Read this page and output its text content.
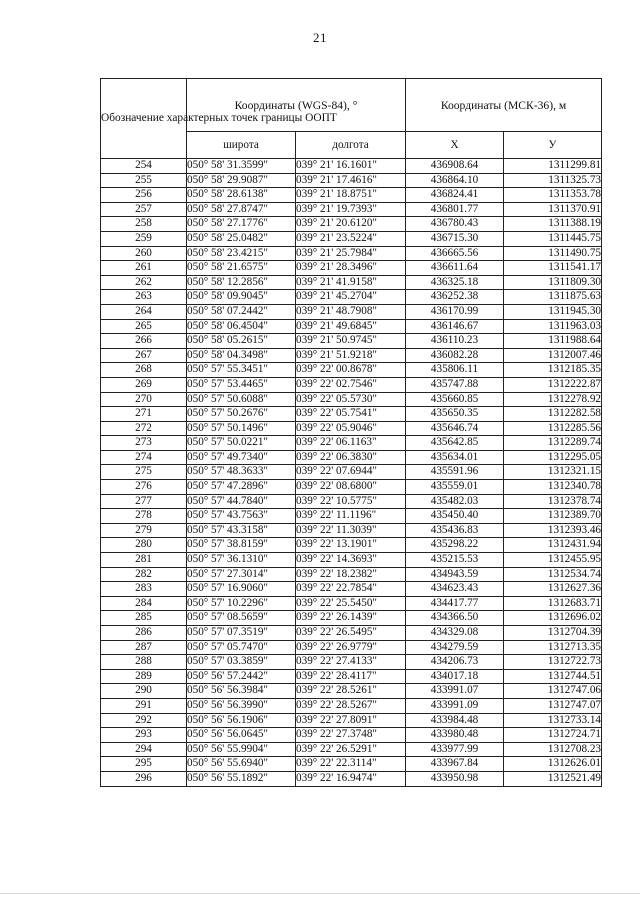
21
Обозначение характерных точек границы ООПТ	Координаты (WGS-84), °		Координаты (МСК-36), м	
	широта	долгота	X	У
254	050° 58' 31.3599"	039° 21' 16.1601"	436908.64	1311299.81
255	050° 58' 29.9087"	039° 21' 17.4616"	436864.10	1311325.73
256	050° 58' 28.6138"	039° 21' 18.8751"	436824.41	1311353.78
257	050° 58' 27.8747"	039° 21' 19.7393"	436801.77	1311370.91
258	050° 58' 27.1776"	039° 21' 20.6120"	436780.43	1311388.19
259	050° 58' 25.0482"	039° 21' 23.5224"	436715.30	1311445.75
260	050° 58' 23.4215"	039° 21' 25.7984"	436665.56	1311490.75
261	050° 58' 21.6575"	039° 21' 28.3496"	436611.64	1311541.17
262	050° 58' 12.2856"	039° 21' 41.9158"	436325.18	1311809.30
263	050° 58' 09.9045"	039° 21' 45.2704"	436252.38	1311875.63
264	050° 58' 07.2442"	039° 21' 48.7908"	436170.99	1311945.30
265	050° 58' 06.4504"	039° 21' 49.6845"	436146.67	1311963.03
266	050° 58' 05.2615"	039° 21' 50.9745"	436110.23	1311988.64
267	050° 58' 04.3498"	039° 21' 51.9218"	436082.28	1312007.46
268	050° 57' 55.3451"	039° 22' 00.8678"	435806.11	1312185.35
269	050° 57' 53.4465"	039° 22' 02.7546"	435747.88	1312222.87
270	050° 57' 50.6088"	039° 22' 05.5730"	435660.85	1312278.92
271	050° 57' 50.2676"	039° 22' 05.7541"	435650.35	1312282.58
272	050° 57' 50.1496"	039° 22' 05.9046"	435646.74	1312285.56
273	050° 57' 50.0221"	039° 22' 06.1163"	435642.85	1312289.74
274	050° 57' 49.7340"	039° 22' 06.3830"	435634.01	1312295.05
275	050° 57' 48.3633"	039° 22' 07.6944"	435591.96	1312321.15
276	050° 57' 47.2896"	039° 22' 08.6800"	435559.01	1312340.78
277	050° 57' 44.7840"	039° 22' 10.5775"	435482.03	1312378.74
278	050° 57' 43.7563"	039° 22' 11.1196"	435450.40	1312389.70
279	050° 57' 43.3158"	039° 22' 11.3039"	435436.83	1312393.46
280	050° 57' 38.8159"	039° 22' 13.1901"	435298.22	1312431.94
281	050° 57' 36.1310"	039° 22' 14.3693"	435215.53	1312455.95
282	050° 57' 27.3014"	039° 22' 18.2382"	434943.59	1312534.74
283	050° 57' 16.9060"	039° 22' 22.7854"	434623.43	1312627.36
284	050° 57' 10.2296"	039° 22' 25.5450"	434417.77	1312683.71
285	050° 57' 08.5659"	039° 22' 26.1439"	434366.50	1312696.02
286	050° 57' 07.3519"	039° 22' 26.5495"	434329.08	1312704.39
287	050° 57' 05.7470"	039° 22' 26.9779"	434279.59	1312713.35
288	050° 57' 03.3859"	039° 22' 27.4133"	434206.73	1312722.73
289	050° 56' 57.2442"	039° 22' 28.4117"	434017.18	1312744.51
290	050° 56' 56.3984"	039° 22' 28.5261"	433991.07	1312747.06
291	050° 56' 56.3990"	039° 22' 28.5267"	433991.09	1312747.07
292	050° 56' 56.1906"	039° 22' 27.8091"	433984.48	1312733.14
293	050° 56' 56.0645"	039° 22' 27.3748"	433980.48	1312724.71
294	050° 56' 55.9904"	039° 22' 26.5291"	433977.99	1312708.23
295	050° 56' 55.6940"	039° 22' 22.3114"	433967.84	1312626.01
296	050° 56' 55.1892"	039° 22' 16.9474"	433950.98	1312521.49
